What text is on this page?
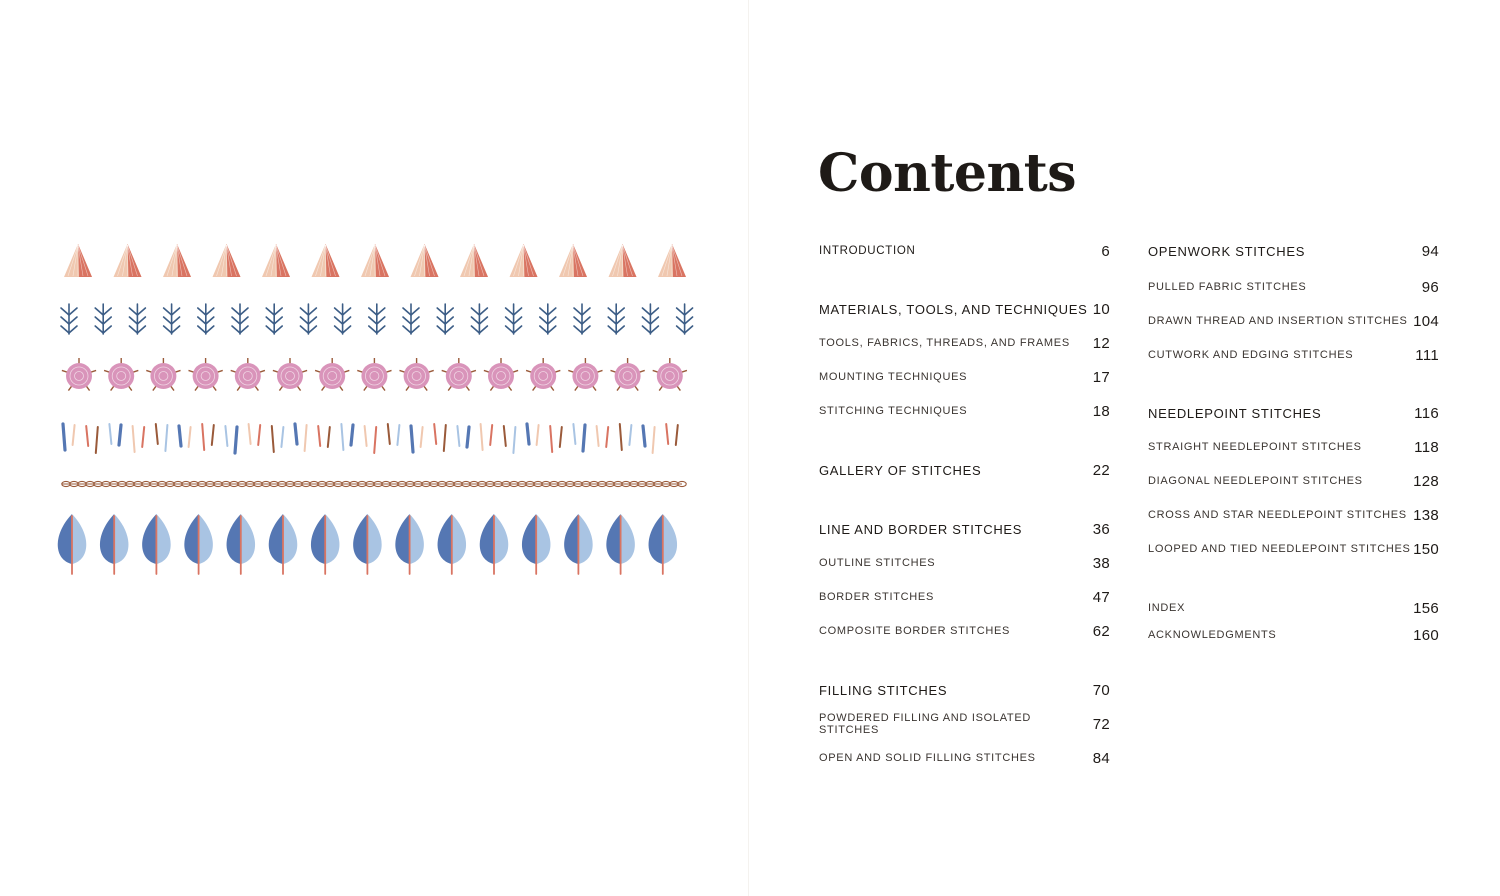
Contents
INTRODUCTION	6
MATERIALS, TOOLS, AND TECHNIQUES 10
TOOLS, FABRICS, THREADS, AND FRAMES 12
MOUNTING TECHNIQUES	17
STITCHING TECHNIQUES	18
GALLERY OF STITCHES	22
LINE AND BORDER STITCHES	36
OUTLINE STITCHES	38
BORDER STITCHES	47
COMPOSITE BORDER STITCHES	62
FILLING STITCHES	70
POWDERED FILLING AND ISOLATED STITCHES	72
OPEN AND SOLID FILLING STITCHES	84
OPENWORK STITCHES	94
PULLED FABRIC STITCHES	96
DRAWN THREAD AND INSERTION STITCHES 104
CUTWORK AND EDGING STITCHES	111
NEEDLEPOINT STITCHES	116
STRAIGHT NEEDLEPOINT STITCHES	118
DIAGONAL NEEDLEPOINT STITCHES	128
CROSS AND STAR NEEDLEPOINT STITCHES 138
LOOPED AND TIED NEEDLEPOINT STITCHES 150
INDEX	156
ACKNOWLEDGMENTS	160
